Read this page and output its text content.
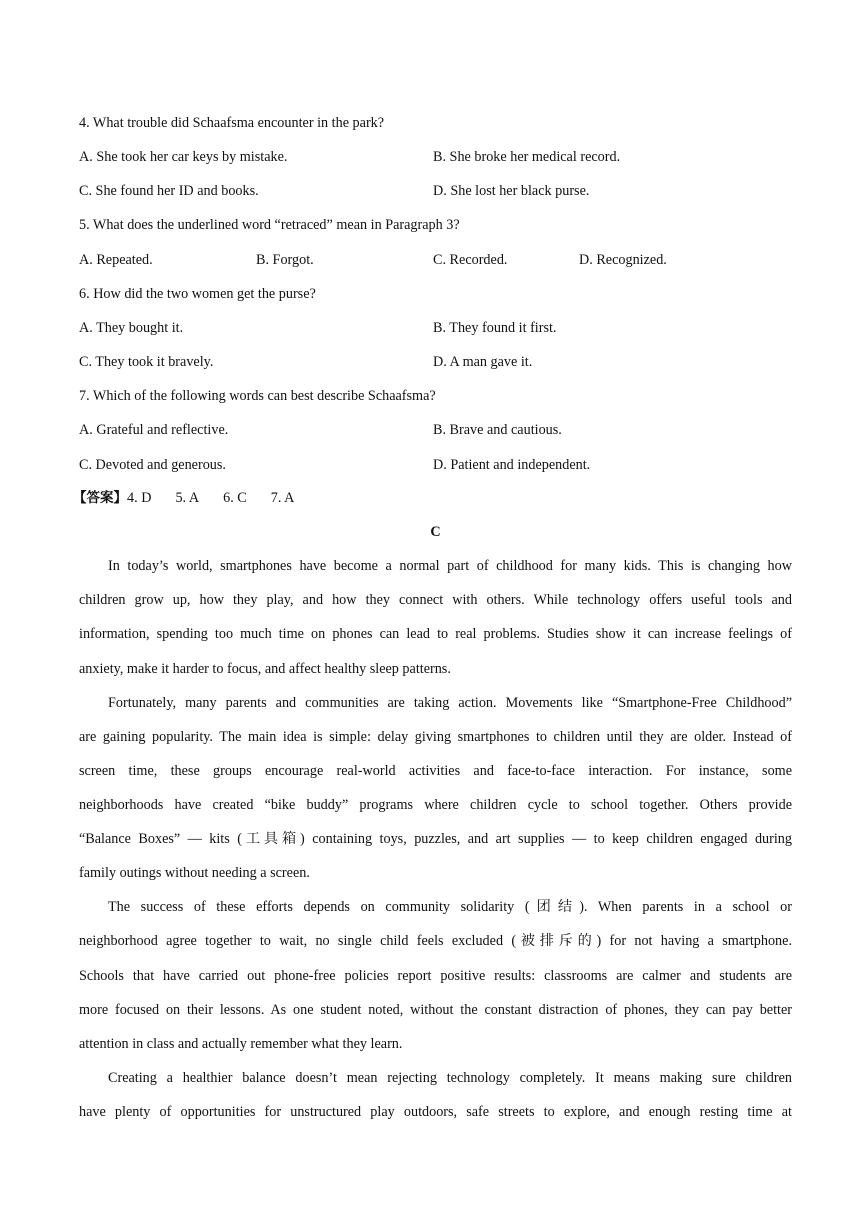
4. What trouble did Schaafsma encounter in the park?
A. She took her car keys by mistake.	B. She broke her medical record.
C. She found her ID and books.	D. She lost her black purse.
5. What does the underlined word “retraced” mean in Paragraph 3?
A. Repeated.	B. Forgot.	C. Recorded.	D. Recognized.
6. How did the two women get the purse?
A. They bought it.	B. They found it first.
C. They took it bravely.	D. A man gave it.
7. Which of the following words can best describe Schaafsma?
A. Grateful and reflective.	B. Brave and cautious.
C. Devoted and generous.	D. Patient and independent.
【答案】4. D 5. A 6. C 7. A
C
In today’s world, smartphones have become a normal part of childhood for many kids. This is changing how
children grow up, how they play, and how they connect with others. While technology offers useful tools and
information, spending too much time on phones can lead to real problems. Studies show it can increase feelings of
anxiety, make it harder to focus, and affect healthy sleep patterns.
Fortunately, many parents and communities are taking action. Movements like “Smartphone-Free Childhood”
are gaining popularity. The main idea is simple: delay giving smartphones to children until they are older. Instead of
screen time, these groups encourage real-world activities and face-to-face interaction. For instance, some
neighborhoods have created “bike buddy” programs where children cycle to school together. Others provide
“Balance Boxes” — kits (工具箱) containing toys, puzzles, and art supplies — to keep children engaged during
family outings without needing a screen.
The success of these efforts depends on community solidarity (团结). When parents in a school or
neighborhood agree together to wait, no single child feels excluded (被排斥的) for not having a smartphone.
Schools that have carried out phone-free policies report positive results: classrooms are calmer and students are
more focused on their lessons. As one student noted, without the constant distraction of phones, they can pay better
attention in class and actually remember what they learn.
Creating a healthier balance doesn’t mean rejecting technology completely. It means making sure children
have plenty of opportunities for unstructured play outdoors, safe streets to explore, and enough resting time at
